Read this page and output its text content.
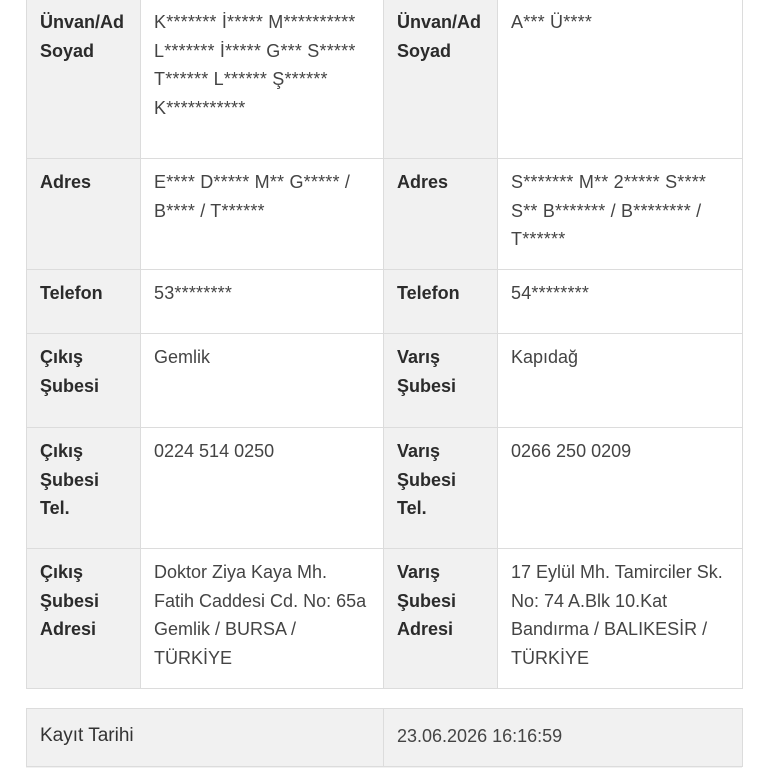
Ünvan/Ad Soyad	K******* İ***** M********** L******* İ***** G*** S***** T****** L****** Ş****** K***********	Ünvan/Ad Soyad	A*** Ü****
Adres	E**** D***** M** G***** / B**** / T******	Adres	S******* M** 2***** S**** S** B******* / B******** / T******
Telefon	53********	Telefon	54********
Çıkış Şubesi	Gemlik	Varış Şubesi	Kapıdağ
Çıkış Şubesi Tel.	0224 514 0250	Varış Şubesi Tel.	0266 250 0209
Çıkış Şubesi Adresi	Doktor Ziya Kaya Mh. Fatih Caddesi Cd. No: 65a Gemlik / BURSA / TÜRKİYE	Varış Şubesi Adresi	17 Eylül Mh. Tamirciler Sk. No: 74 A.Blk 10.Kat Bandırma / BALIKESİR / TÜRKİYE
Kayıt Tarihi	23.06.2026 16:16:59
